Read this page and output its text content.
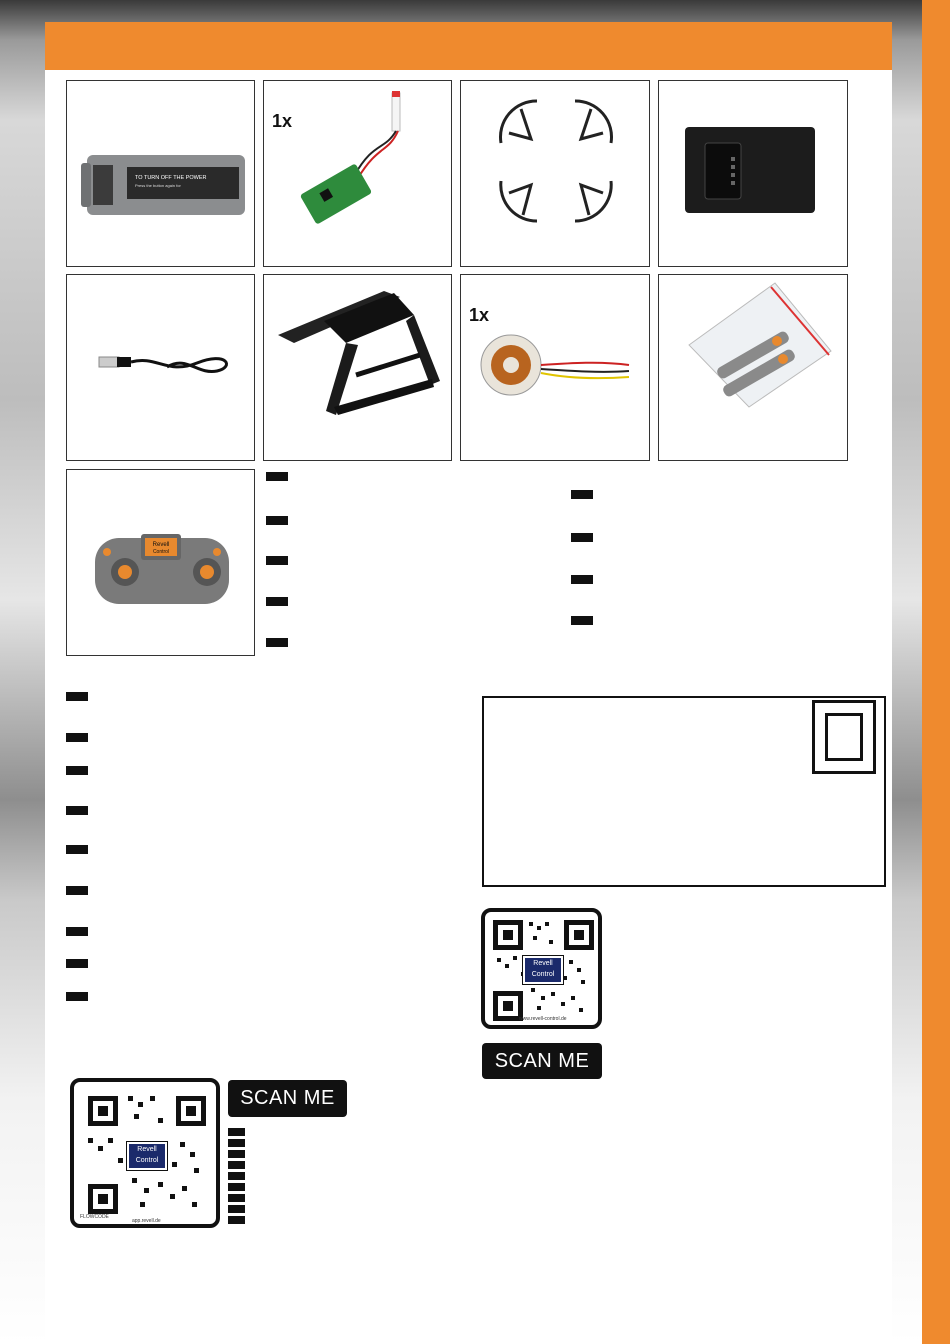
TO TURN OFF THE POWER
Press the button again for
1x
1x
Revell
Control
Revell
Control
www.revell-control.de
SCAN ME
Revell
Control
FLOWCODE
app.revell.de
SCAN ME
